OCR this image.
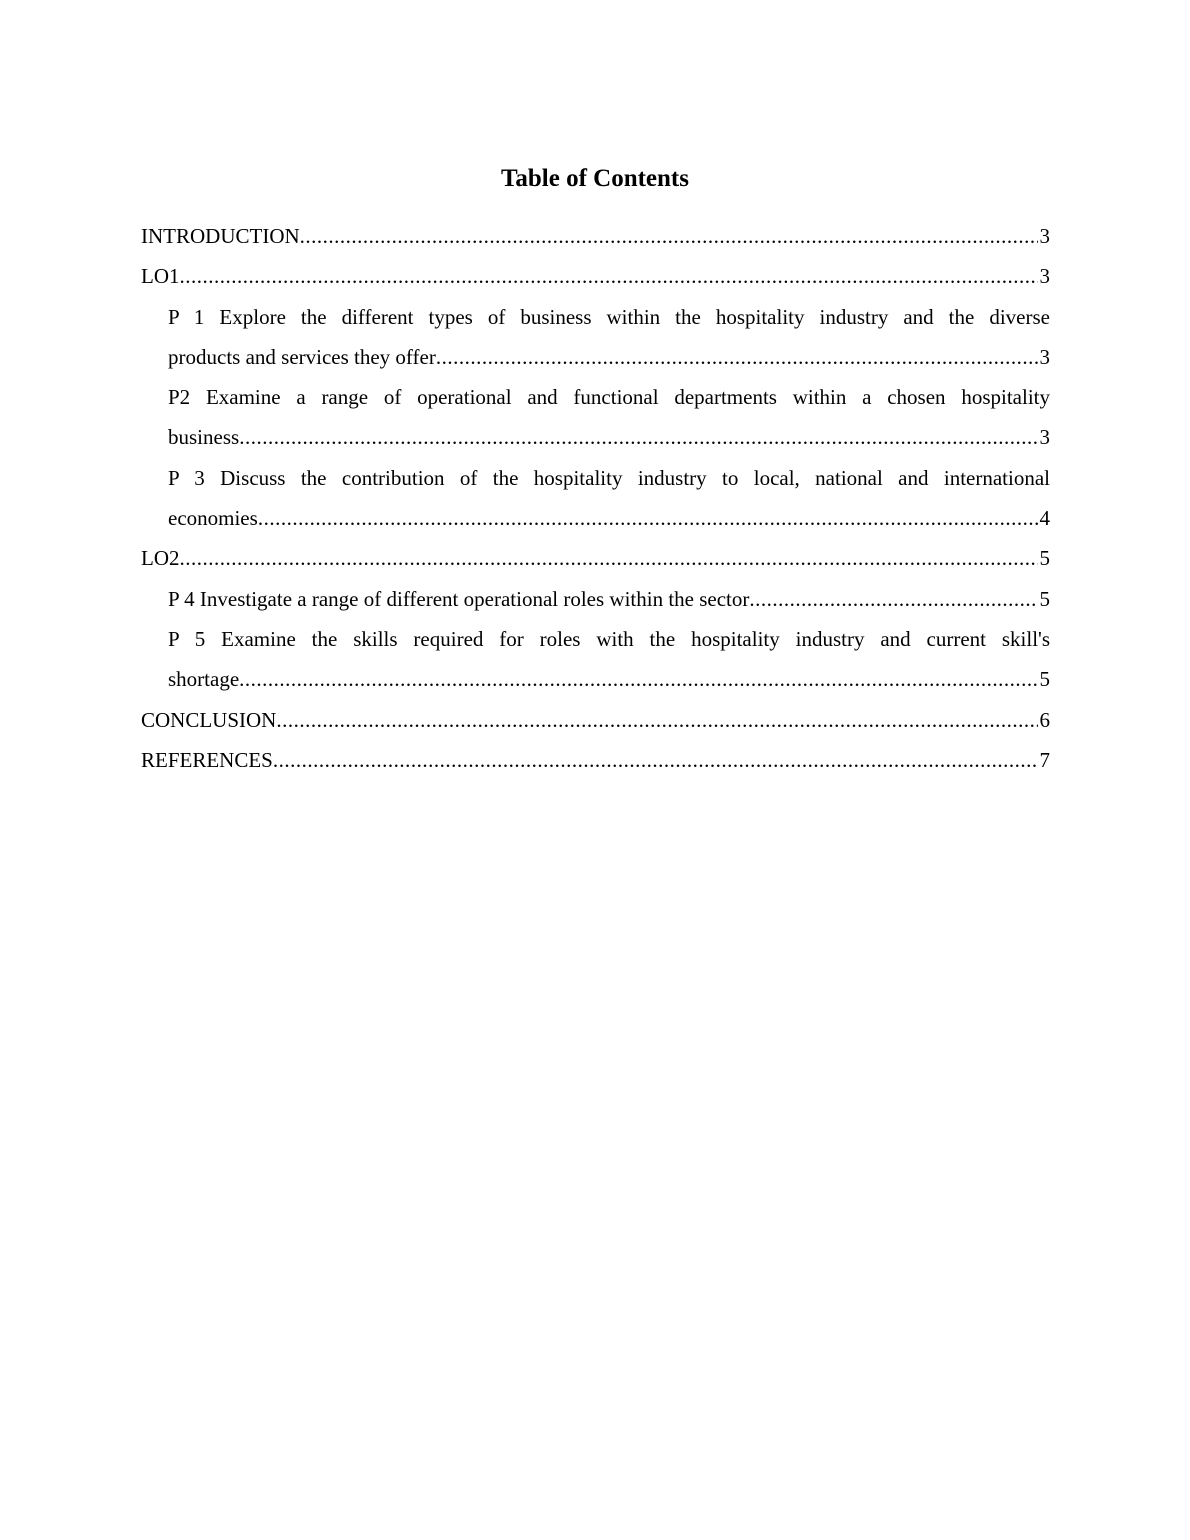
Table of Contents
INTRODUCTION .....	3
LO1 .....	3
P 1 Explore the different types of business within the hospitality industry and the diverse
products and services they offer .....	3
P2 Examine a range of operational and functional departments within a chosen hospitality
business .....	3
P 3 Discuss the contribution of the hospitality industry to local, national and international
economies .....	4
LO2 .....	5
P 4 Investigate a range of different operational roles within the sector .....	5
P 5 Examine the skills required for roles with the hospitality industry and current skill's
shortage .....	5
CONCLUSION .....	6
REFERENCES .....	7
